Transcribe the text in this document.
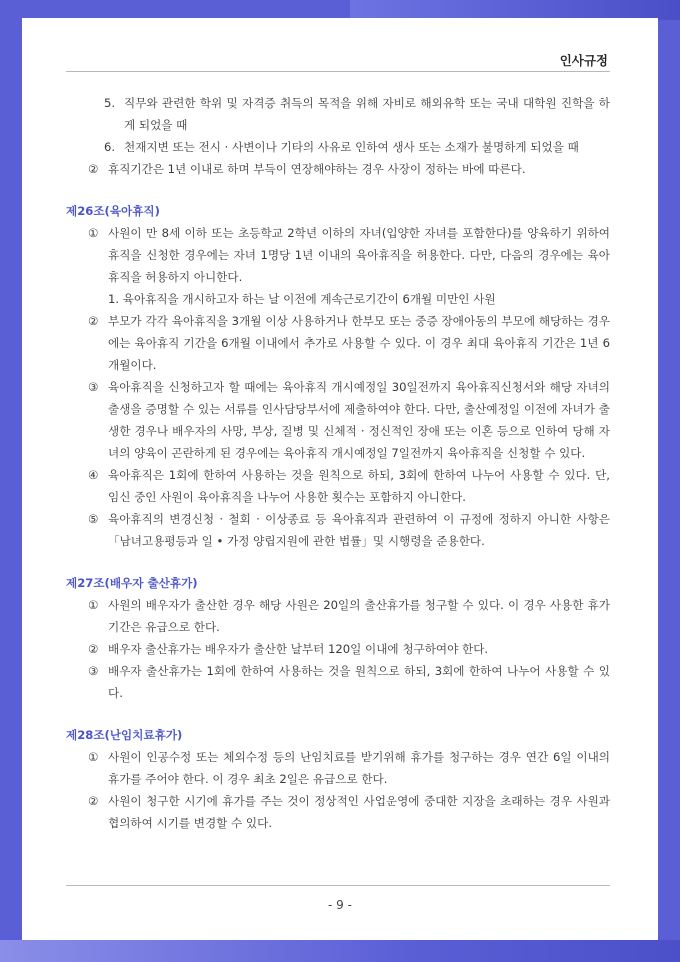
인사규정
5. 직무와 관련한 학위 및 자격증 취득의 목적을 위해 자비로 해외유학 또는 국내 대학원 진학을 하게 되었을 때
6. 천재지변 또는 전시 · 사변이나 기타의 사유로 인하여 생사 또는 소재가 불명하게 되었을 때
② 휴직기간은 1년 이내로 하며 부득이 연장해야하는 경우 사장이 정하는 바에 따른다.
제26조(육아휴직)
① 사원이 만 8세 이하 또는 초등학교 2학년 이하의 자녀(입양한 자녀를 포함한다)를 양육하기 위하여 휴직을 신청한 경우에는 자녀 1명당 1년 이내의 육아휴직을 허용한다. 다만, 다음의 경우에는 육아휴직을 허용하지 아니한다.
1. 육아휴직을 개시하고자 하는 날 이전에 계속근로기간이 6개월 미만인 사원
② 부모가 각각 육아휴직을 3개월 이상 사용하거나 한부모 또는 중증 장애아동의 부모에 해당하는 경우에는 육아휴직 기간을 6개월 이내에서 추가로 사용할 수 있다. 이 경우 최대 육아휴직 기간은 1년 6개월이다.
③ 육아휴직을 신청하고자 할 때에는 육아휴직 개시예정일 30일전까지 육아휴직신청서와 해당 자녀의 출생을 증명할 수 있는 서류를 인사담당부서에 제출하여야 한다. 다만, 출산예정일 이전에 자녀가 출생한 경우나 배우자의 사망, 부상, 질병 및 신체적 · 정신적인 장애 또는 이혼 등으로 인하여 당해 자녀의 양육이 곤란하게 된 경우에는 육아휴직 개시예정일 7일전까지 육아휴직을 신청할 수 있다.
④ 육아휴직은 1회에 한하여 사용하는 것을 원칙으로 하되, 3회에 한하여 나누어 사용할 수 있다. 단, 임신 중인 사원이 육아휴직을 나누어 사용한 횟수는 포함하지 아니한다.
⑤ 육아휴직의 변경신청 · 철회 · 이상종료 등 육아휴직과 관련하여 이 규정에 정하지 아니한 사항은 「남녀고용평등과 일 • 가정 양립지원에 관한 법률」및 시행령을 준용한다.
제27조(배우자 출산휴가)
① 사원의 배우자가 출산한 경우 해당 사원은 20일의 출산휴가를 청구할 수 있다. 이 경우 사용한 휴가기간은 유급으로 한다.
② 배우자 출산휴가는 배우자가 출산한 날부터 120일 이내에 청구하여야 한다.
③ 배우자 출산휴가는 1회에 한하여 사용하는 것을 원칙으로 하되, 3회에 한하여 나누어 사용할 수 있다.
제28조(난임치료휴가)
① 사원이 인공수정 또는 체외수정 등의 난임치료를 받기위해 휴가를 청구하는 경우 연간 6일 이내의 휴가를 주어야 한다. 이 경우 최초 2일은 유급으로 한다.
② 사원이 청구한 시기에 휴가를 주는 것이 정상적인 사업운영에 중대한 지장을 초래하는 경우 사원과 협의하여 시기를 변경할 수 있다.
- 9 -
